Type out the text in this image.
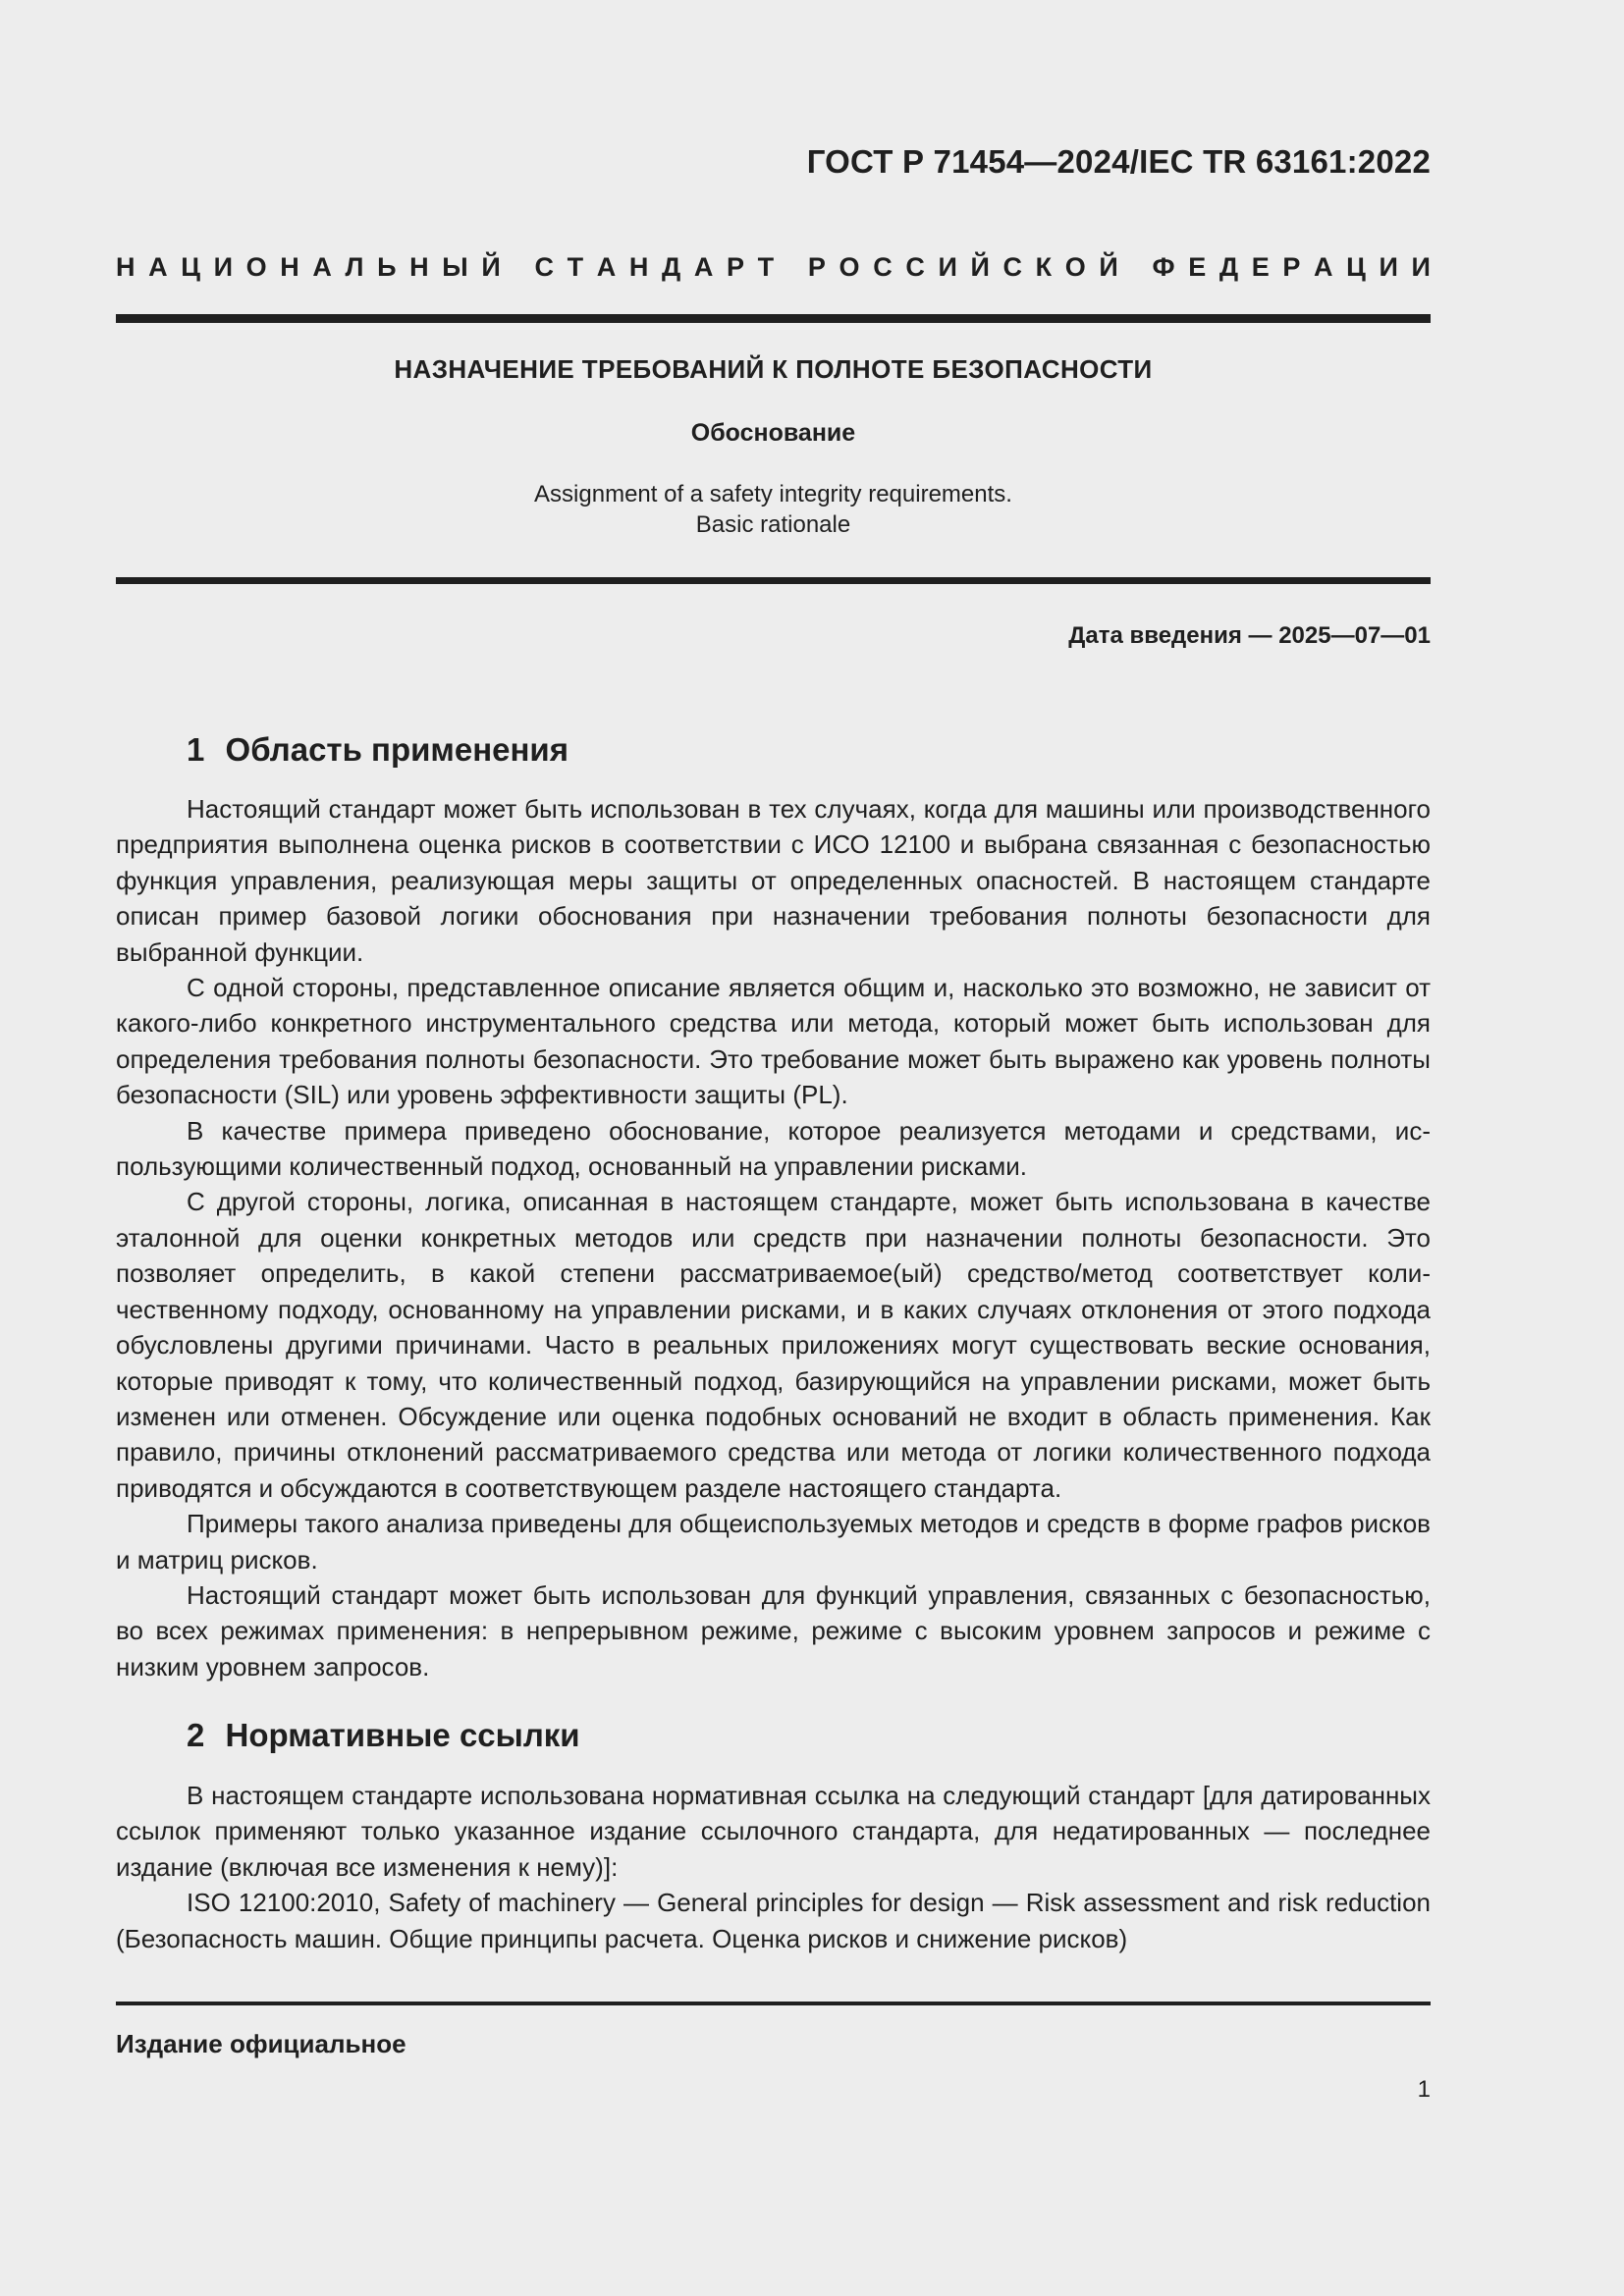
ГОСТ Р 71454—2024/IEC TR 63161:2022
Н А Ц И О Н А Л Ь Н Ы Й
С Т А Н Д А Р Т
Р О С С И Й С К О Й
Ф Е Д Е Р А Ц И И
НАЗНАЧЕНИЕ ТРЕБОВАНИЙ К ПОЛНОТЕ БЕЗОПАСНОСТИ
Обоснование
Assignment of a safety integrity requirements.
Basic rationale
Дата введения — 2025—07—01
1 Область применения

Настоящий стандарт может быть использован в тех случаях, когда для машины или производственного предприятия выполнена оценка рисков в соответствии с ИСО 12100 и выбрана связанная с безопасностью функция управления, реализующая меры защиты от определенных опасностей. В настоящем стандарте описан пример базовой логики обоснования при назначении требования полноты безопасности для выбранной функции.

С одной стороны, представленное описание является общим и, насколько это возможно, не зависит от какого-либо конкретного инструментального средства или метода, который может быть использован для определения требования полноты безопасности. Это требование может быть выражено как уровень полноты безопасности (SIL) или уровень эффективности защиты (PL).

В качестве примера приведено обоснование, которое реализуется методами и средствами, использующими количественный подход, основанный на управлении рисками.

С другой стороны, логика, описанная в настоящем стандарте, может быть использована в качестве эталонной для оценки конкретных методов или средств при назначении полноты безопасности. Это позволяет определить, в какой степени рассматриваемое(ый) средство/метод соответствует количественному подходу, основанному на управлении рисками, и в каких случаях отклонения от этого подхода обусловлены другими причинами. Часто в реальных приложениях могут существовать веские основания, которые приводят к тому, что количественный подход, базирующийся на управлении рисками, может быть изменен или отменен. Обсуждение или оценка подобных оснований не входит в область применения. Как правило, причины отклонений рассматриваемого средства или метода от логики количественного подхода приводятся и обсуждаются в соответствующем разделе настоящего стандарта.

Примеры такого анализа приведены для общеиспользуемых методов и средств в форме графов рисков и матриц рисков.

Настоящий стандарт может быть использован для функций управления, связанных с безопасностью, во всех режимах применения: в непрерывном режиме, режиме с высоким уровнем запросов и режиме с низким уровнем запросов.

2 Нормативные ссылки

В настоящем стандарте использована нормативная ссылка на следующий стандарт [для датированных ссылок применяют только указанное издание ссылочного стандарта, для недатированных — последнее издание (включая все изменения к нему)]:

ISO 12100:2010, Safety of machinery — General principles for design — Risk assessment and risk reduction (Безопасность машин. Общие принципы расчета. Оценка рисков и снижение рисков)

Издание официальное
1
